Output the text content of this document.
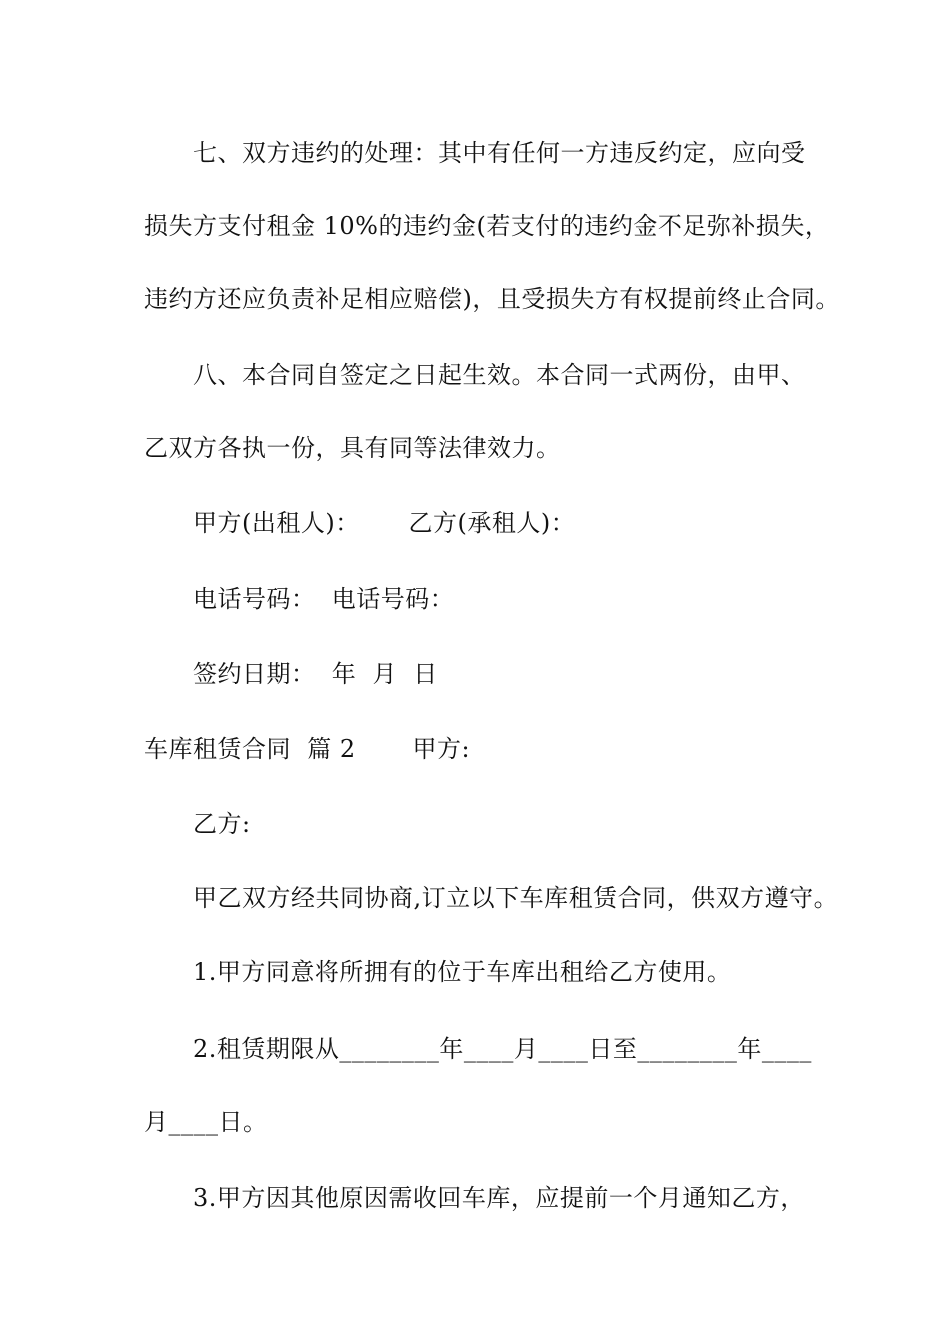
七、双方违约的处理：其中有任何一方违反约定，应向受
损失方支付租金 10%的违约金(若支付的违约金不足弥补损失，
违约方还应负责补足相应赔偿)，且受损失方有权提前终止合同。
八、本合同自签定之日起生效。本合同一式两份，由甲、
乙双方各执一份，具有同等法律效力。
甲方(出租人)：      乙方(承租人)：
电话号码：  电话号码：
签约日期：  年  月  日
车库租赁合同  篇 2       甲方:
乙方:
甲乙双方经共同协商,订立以下车库租赁合同，供双方遵守。
1.甲方同意将所拥有的位于车库出租给乙方使用。
2.租赁期限从________年____月____日至________年____
月____日。
3.甲方因其他原因需收回车库，应提前一个月通知乙方，
